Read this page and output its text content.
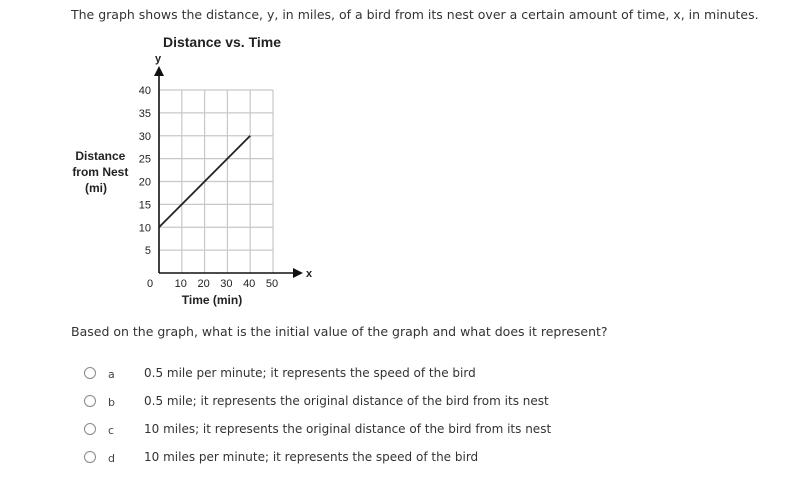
The graph shows the distance, y, in miles, of a bird from its nest over a certain amount of time, x, in minutes.
Distance vs. Time
5
10
15
20
25
30
35
40
10 20 30 40 50
0
y
x
Distance from Nest (mi)
Time (min)
Based on the graph, what is the initial value of the graph and what does it represent?
a 0.5 mile per minute; it represents the speed of the bird
b 0.5 mile; it represents the original distance of the bird from its nest
c 10 miles; it represents the original distance of the bird from its nest
d 10 miles per minute; it represents the speed of the bird
